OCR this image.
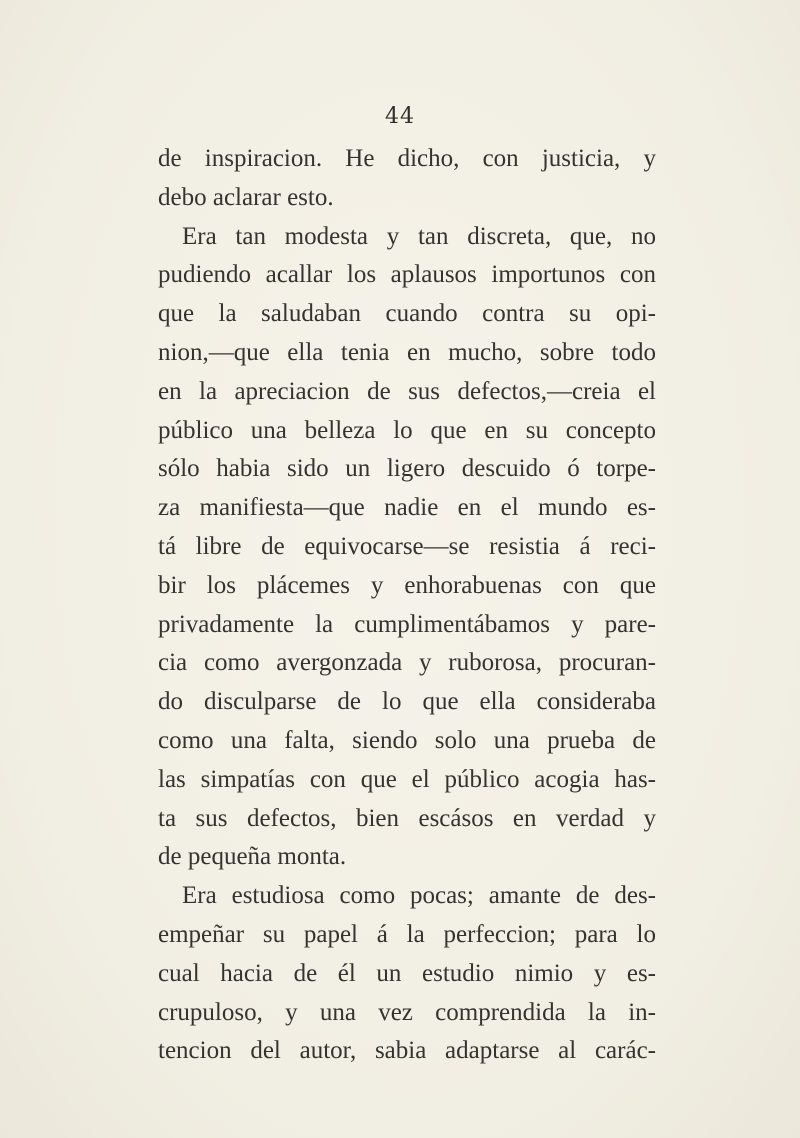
44
de inspiracion. He dicho, con justicia, y
debo aclarar esto.
Era tan modesta y tan discreta, que, no
pudiendo acallar los aplausos importunos con
que la saludaban cuando contra su opi-
nion,—que ella tenia en mucho, sobre todo
en la apreciacion de sus defectos,—creia el
público una belleza lo que en su concepto
sólo habia sido un ligero descuido ó torpe-
za manifiesta—que nadie en el mundo es-
tá libre de equivocarse—se resistia á reci-
bir los plácemes y enhorabuenas con que
privadamente la cumplimentábamos y pare-
cia como avergonzada y ruborosa, procuran-
do disculparse de lo que ella consideraba
como una falta, siendo solo una prueba de
las simpatías con que el público acogia has-
ta sus defectos, bien escásos en verdad y
de pequeña monta.
Era estudiosa como pocas; amante de des-
empeñar su papel á la perfeccion; para lo
cual hacia de él un estudio nimio y es-
crupuloso, y una vez comprendida la in-
tencion del autor, sabia adaptarse al carác-
